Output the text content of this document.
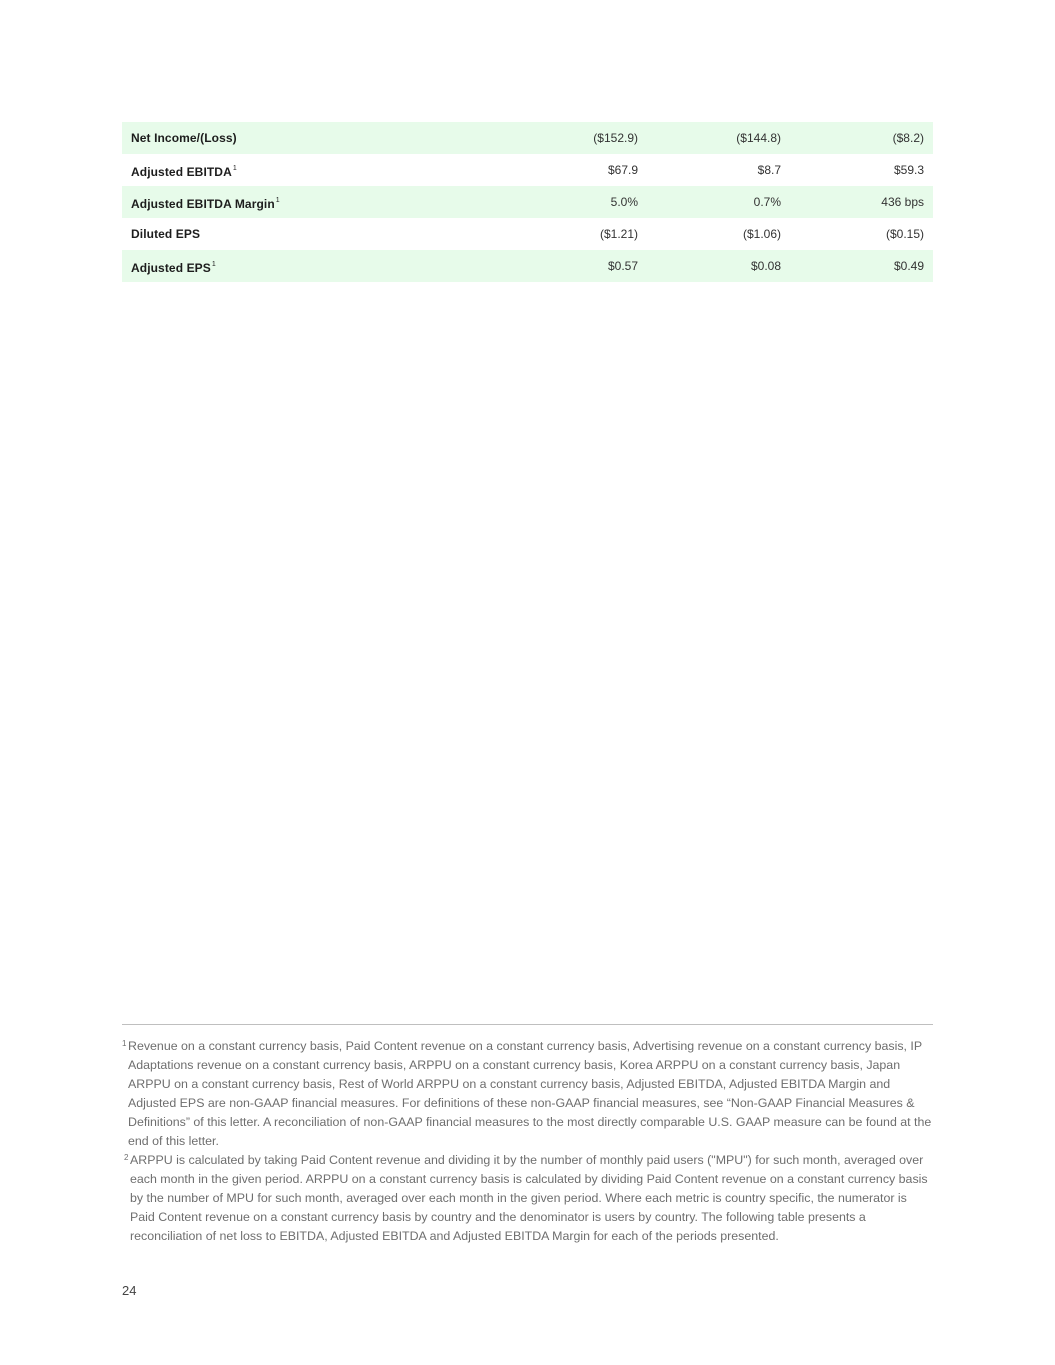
Net Income/(Loss)	($152.9)	($144.8)	($8.2)
Adjusted EBITDA$^1$	$67.9	$8.7	$59.3
Adjusted EBITDA Margin$^1$	5.0%	0.7%	436 bps
Diluted EPS	($1.21)	($1.06)	($0.15)
Adjusted EPS$^1$	$0.57	$0.08	$0.49
1 Revenue on a constant currency basis, Paid Content revenue on a constant currency basis, Advertising revenue on a constant currency basis, IP Adaptations revenue on a constant currency basis, ARPPU on a constant currency basis, Korea ARPPU on a constant currency basis, Japan ARPPU on a constant currency basis, Rest of World ARPPU on a constant currency basis, Adjusted EBITDA, Adjusted EBITDA Margin and Adjusted EPS are non-GAAP financial measures. For definitions of these non-GAAP financial measures, see “Non-GAAP Financial Measures & Definitions” of this letter. A reconciliation of non-GAAP financial measures to the most directly comparable U.S. GAAP measure can be found at the end of this letter.
2 ARPPU is calculated by taking Paid Content revenue and dividing it by the number of monthly paid users ("MPU") for such month, averaged over each month in the given period. ARPPU on a constant currency basis is calculated by dividing Paid Content revenue on a constant currency basis by the number of MPU for such month, averaged over each month in the given period. Where each metric is country specific, the numerator is Paid Content revenue on a constant currency basis by country and the denominator is users by country. The following table presents a reconciliation of net loss to EBITDA, Adjusted EBITDA and Adjusted EBITDA Margin for each of the periods presented.
24
